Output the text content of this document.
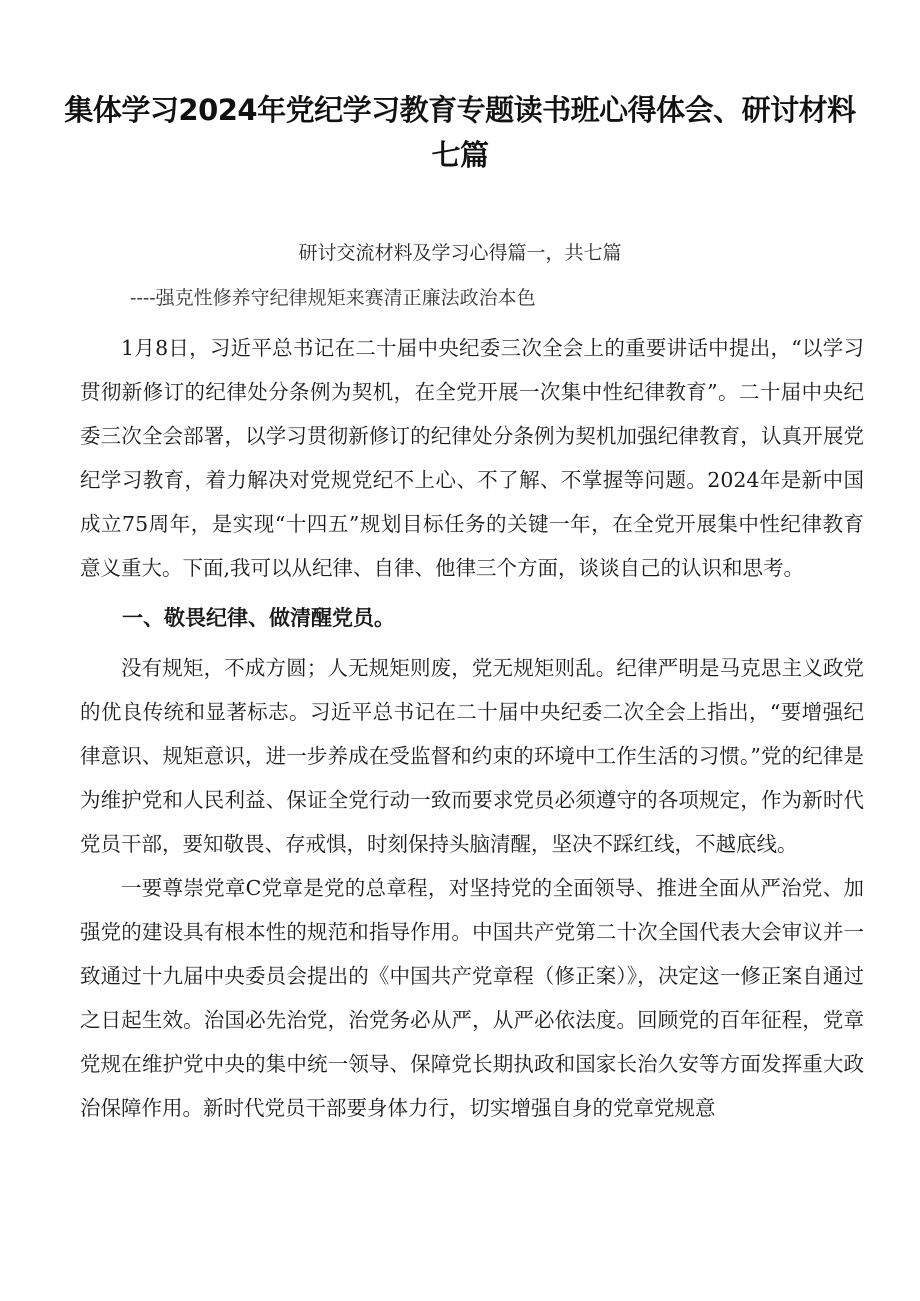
集体学习2024年党纪学习教育专题读书班心得体会、研讨材料七篇
研讨交流材料及学习心得篇一，共七篇
----强克性修养守纪律规矩来赛清正廉法政治本色

1月8日，习近平总书记在二十届中央纪委三次全会上的重要讲话中提出，“以学习贯彻新修订的纪律处分条例为契机，在全党开展一次集中性纪律教育”。二十届中央纪委三次全会部署，以学习贯彻新修订的纪律处分条例为契机加强纪律教育，认真开展党纪学习教育，着力解决对党规党纪不上心、不了解、不掌握等问题。2024年是新中国成立75周年，是实现“十四五”规划目标任务的关键一年，在全党开展集中性纪律教育意义重大。下面,我可以从纪律、自律、他律三个方面，谈谈自己的认识和思考。

一、敬畏纪律、做清醒党员。

没有规矩，不成方圆；人无规矩则废，党无规矩则乱。纪律严明是马克思主义政党的优良传统和显著标志。习近平总书记在二十届中央纪委二次全会上指出，“要增强纪律意识、规矩意识，进一步养成在受监督和约束的环境中工作生活的习惯。”党的纪律是为维护党和人民利益、保证全党行动一致而要求党员必须遵守的各项规定，作为新时代党员干部，要知敬畏、存戒惧，时刻保持头脑清醒，坚决不踩红线，不越底线。

一要尊崇党章C党章是党的总章程，对坚持党的全面领导、推进全面从严治党、加强党的建设具有根本性的规范和指导作用。中国共产党第二十次全国代表大会审议并一致通过十九届中央委员会提出的《中国共产党章程（修正案）》，决定这一修正案自通过之日起生效。治国必先治党，治党务必从严，从严必依法度。回顾党的百年征程，党章党规在维护党中央的集中统一领导、保障党长期执政和国家长治久安等方面发挥重大政治保障作用。新时代党员干部要身体力行，切实增强自身的党章党规意
